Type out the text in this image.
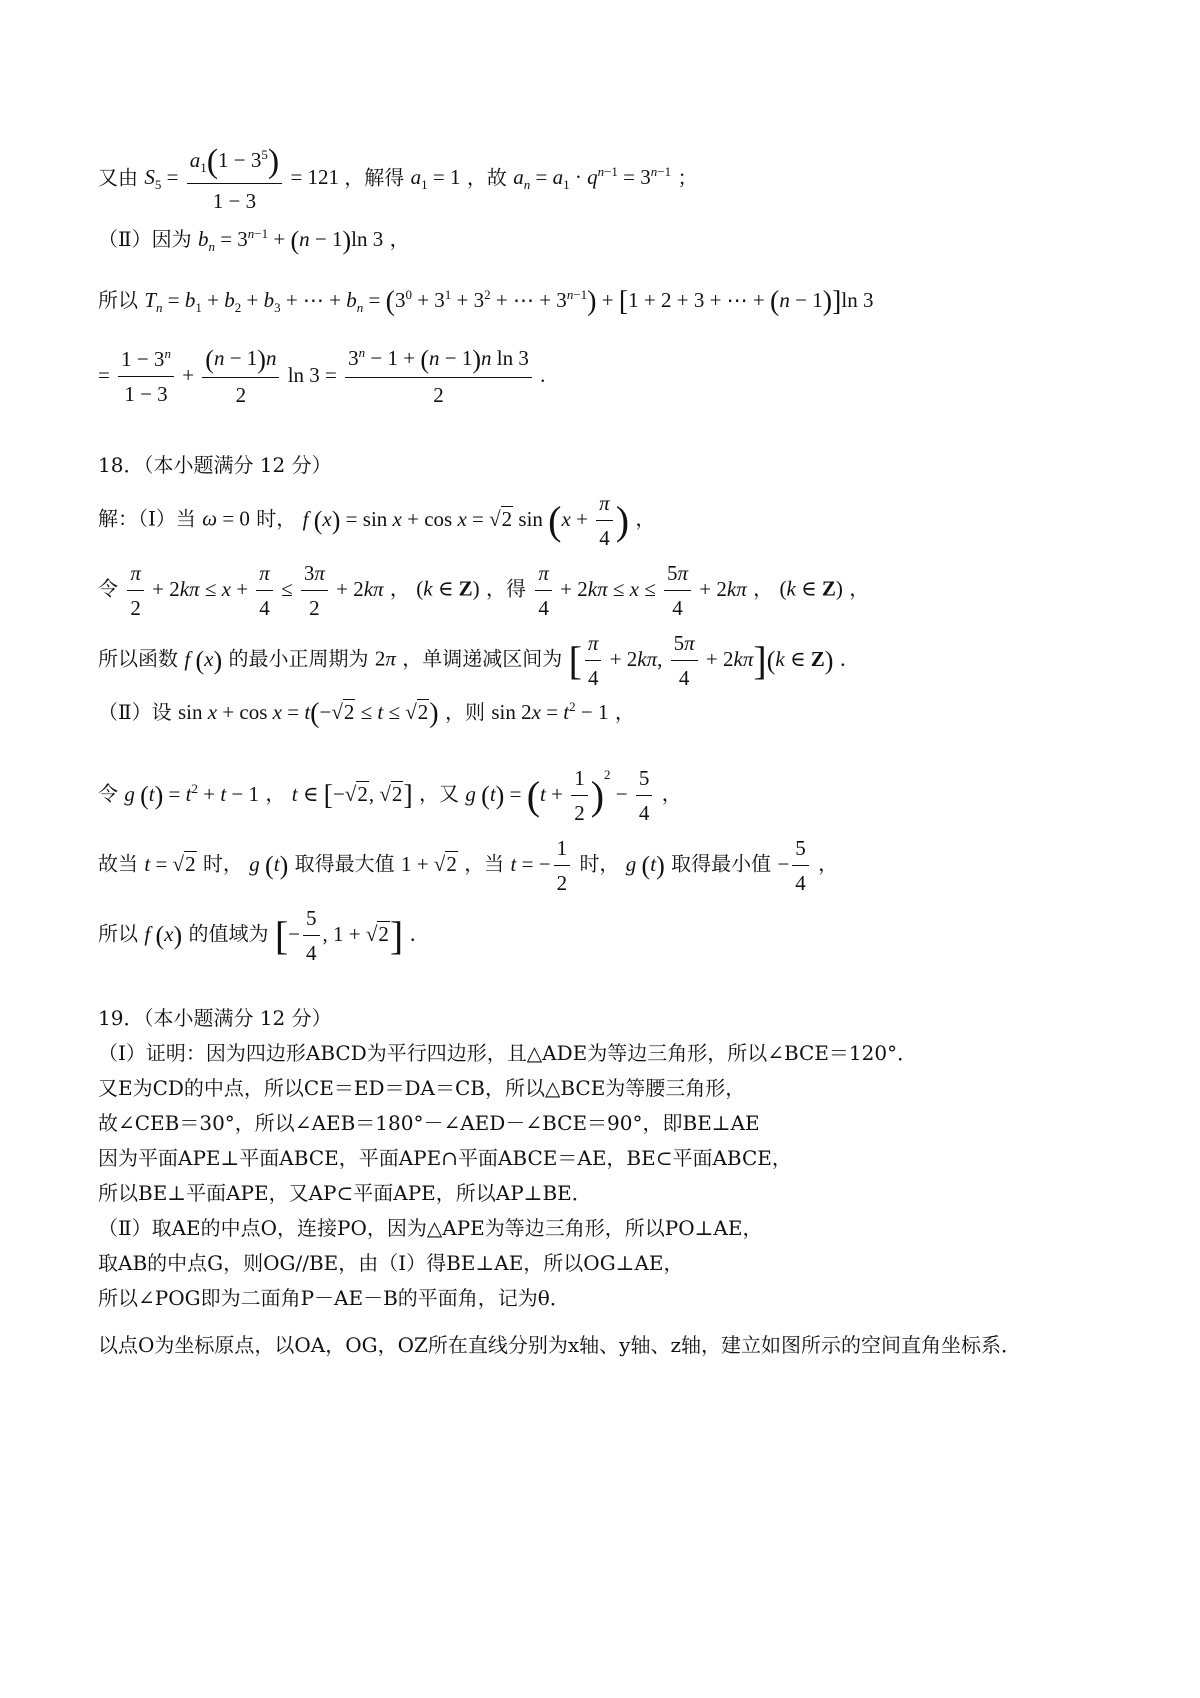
又由 $S_5 = \frac{a_1(1 - 3^5)}{1 - 3} = 121$ ，解得 $a_1 = 1$ ，故 $a_n = a_1 \cdot q^{n-1} = 3^{n-1}$ ；
（Ⅱ）因为 $b_n = 3^{n-1} + (n - 1)\ln$ 3 ，
所以 $T_n = b_1 + b_2 + b_3$ + ⋯ + $b_n = (3^0 + 3^1 + 3^2$ + ⋯ + $3^{n-1}) + [1 + 2 + 3$ + ⋯ + (n − 1)]ln 3
= $\frac{1 - 3^n}{1 - 3} + \frac{(n - 1)n}{2}$ $\ln 3 = \frac{3^n - 1 + (n - 1)n \ln 3}{2}$ .
18．（本小题满分 12 分）
解：（Ⅰ）当 ω = 0 时， f (x) = sin x + cos x = √2 $\sin (x + \frac{\pi}{4}$ ) ，
令 $\frac{\pi}{2} + 2k\pi \le x + \frac{\pi}{4} \le \frac{3\pi}{2} + 2k\pi$ ， (k ∈ Z) ，得 $\frac{\pi}{4} + 2k\pi \le x \le \frac{5\pi}{4} + 2k\pi$ ， (k ∈ Z) ，
所以函数 f (x) 的最小正周期为 2π ，单调递减区间为 [ $\frac{\pi}{4} + 2k\pi$, $\frac{5\pi}{4} + 2k\pi](k$ ∈ Z) ．
（Ⅱ）设 sin x + cos x = t(−√2 ≤ t ≤ √2) ，则 $\sin 2x = t^2 - 1$ ，
令 g $(t) = t^2 + t - 1$ ， t ∈ [−√2, √2] ，又 g $(t) = (t + \frac{1}{2} )^2 - \frac{5}{4}$ ，
故当 t = √2 时， g (t) 取得最大值 1 + √2 ，当 t = − $\frac{1}{2}$ 时， g (t) 取得最小值 − $\frac{5}{4}$ ，
所以 f (x) 的值域为 [− $\frac{5}{4}$ , 1 + √2] ．
19．（本小题满分 12 分）
（Ⅰ）证明：因为四边形ABCD为平行四边形，且△ADE为等边三角形，所以∠BCE＝120°．
又E为CD的中点，所以CE＝ED＝DA＝CB，所以△BCE为等腰三角形，
故∠CEB＝30°，所以∠AEB＝180°－∠AED－∠BCE＝90°，即BE⊥AE
因为平面APE⊥平面ABCE，平面APE∩平面ABCE＝AE，BE⊂平面ABCE，
所以BE⊥平面APE，又AP⊂平面APE，所以AP⊥BE．
（Ⅱ）取AE的中点O，连接PO，因为△APE为等边三角形，所以PO⊥AE，
取AB的中点G，则OG//BE，由（Ⅰ）得BE⊥AE，所以OG⊥AE，
所以∠POG即为二面角P－AE－B的平面角，记为θ．
以点O为坐标原点，以OA，OG，OZ所在直线分别为x轴、y轴、z轴，建立如图所示的空间直角坐标系．
